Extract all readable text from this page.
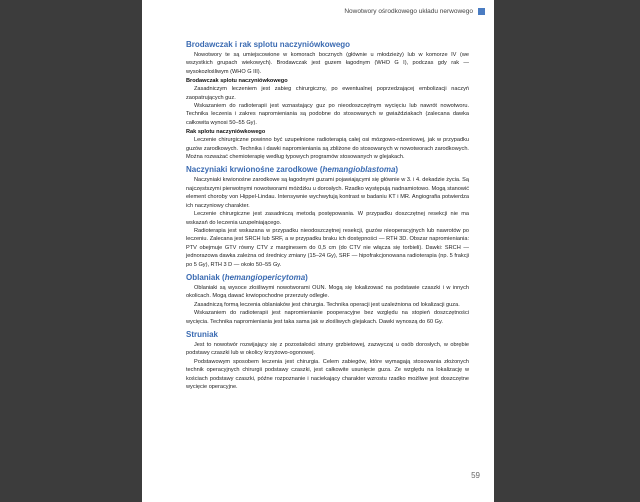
Nowotwory ośrodkowego układu nerwowego
Brodawczak i rak splotu naczyniówkowego

Nowotwory te są umiejscowione w komorach bocznych (głównie u młodzieży) lub w komorze IV (we wszystkich grupach wiekowych). Brodawczak jest guzem łagodnym (WHO G I), podczas gdy rak — wysokozłośliwym (WHO G III).

Brodawczak splotu naczyniówkowego

Zasadniczym leczeniem jest zabieg chirurgiczny, po ewentualnej poprzedzającej embolizacji naczyń zaopatrujących guz.

Wskazaniem do radioterapii jest wznastający guz po nieodoszczętnym wycięciu lub nawrót nowotworu. Technika leczenia i zakres napromieniania są podobne do stosowanych w gwiaździakach (zalecana dawka całkowita wynosi 50–55 Gy).

Rak splotu naczyniówkowego

Leczenie chirurgiczne powinno być uzupełnione radioterapią całej osi mózgowo-rdzeniowej, jak w przypadku guzów zarodkowych. Technika i dawki napromieniania są zbliżone do stosowanych w nowotworach zarodkowych. Można rozważać chemioterapię według typowych programów stosowanych w glejakach.

Naczyniaki krwionośne zarodkowe (hemangioblastoma)

Naczyniaki krwionośne zarodkowe są łagodnymi guzami pojawiającymi się głównie w 3. i 4. dekadzie życia. Są najczęstszymi pierwotnymi nowotworami móżdżku u dorosłych. Rzadko występują nadnamiotowo. Mogą stanowić element choroby von Hippel-Lindau. Intensywnie wychwytują kontrast w badaniu KT i MR. Angiografia potwierdza ich naczyniowy charakter.

Leczenie chirurgiczne jest zasadniczą metodą postępowania. W przypadku doszczętnej resekcji nie ma wskazań do leczenia uzupełniającego.

Radioterapia jest wskazana w przypadku nieodoszczętnej resekcji, guzów nieoperacyjnych lub nawrotów po leczeniu. Zalecana jest SRCH lub SRF, a w przypadku braku ich dostępności — RTH 3D. Obszar napromieniania: PTV obejmuje GTV równy CTV z marginesem do 0,5 cm (do CTV nie włącza się torbieli). Dawki: SRCH — jednorazowa dawka zależna od średnicy zmiany (15–24 Gy), SRF — hipofrakcjonowana radioterapia (np. 5 frakcji po 5 Gy), RTH 3 D — około 50–55 Gy.

Oblaniak (hemangiopericytoma)

Oblaniaki są wysoce złośliwymi nowotworami OUN. Mogą się lokalizować na podstawie czaszki i w innych okolicach. Mogą dawać krwiopochodne przerzuty odległe.

Zasadniczą formą leczenia oblaniaków jest chirurgia. Technika operacji jest uzależniona od lokalizacji guza.

Wskazaniem do radioterapii jest napromienianie pooperacyjne bez względu na stopień doszczętności wycięcia. Technika napromieniania jest taka sama jak w złośliwych glejakach. Dawki wynoszą do 60 Gy.

Struniak

Jest to nowotwór rozwijający się z pozostałości struny grzbietowej, zazwyczaj u osób dorosłych, w obrębie podstawy czaszki lub w okolicy krzyżowo-ogonowej.

Podstawowym sposobem leczenia jest chirurgia. Celem zabiegów, które wymagają stosowania złożonych technik operacyjnych chirurgii podstawy czaszki, jest całkowite usunięcie guza. Ze względu na lokalizację w kościach podstawy czaszki, późne rozpoznanie i naciekający charakter wzrostu rzadko możliwe jest doszczętne wycięcie operacyjne.

59
